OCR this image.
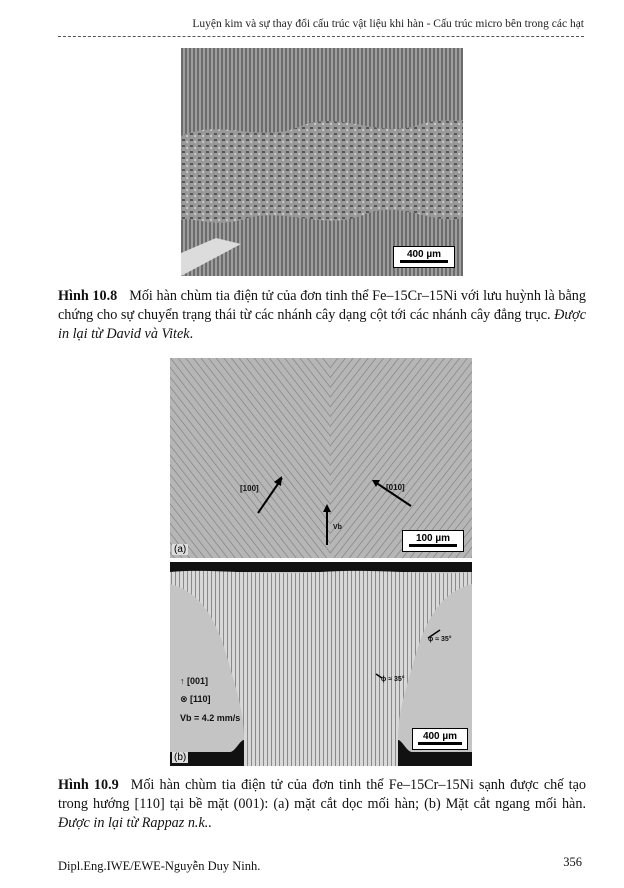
Luyện kim và sự thay đổi cấu trúc vật liệu khi hàn - Cấu trúc micro bên trong các hạt
400 µm
Hình 10.8 Mối hàn chùm tia điện tử của đơn tinh thể Fe–15Cr–15Ni với lưu huỳnh là bằng chứng cho sự chuyển trạng thái từ các nhánh cây dạng cột tới các nhánh cây đẳng trục. Được in lại từ David và Vitek.
[100]	[010]
Vb
(a)
100 µm
ϕ ≈ 35°
ϕ ≈ 35°
↑ [001]
⊗ [110]
Vb = 4.2 mm/s
(b)
400 µm
Hình 10.9 Mối hàn chùm tia điện tử của đơn tinh thể Fe–15Cr–15Ni sạnh được chế tạo trong hướng [110] tại bề mặt (001): (a) mặt cắt dọc mối hàn; (b) Mặt cắt ngang mối hàn. Được in lại từ Rappaz n.k..
Dipl.Eng.IWE/EWE-Nguyễn Duy Ninh.	356
